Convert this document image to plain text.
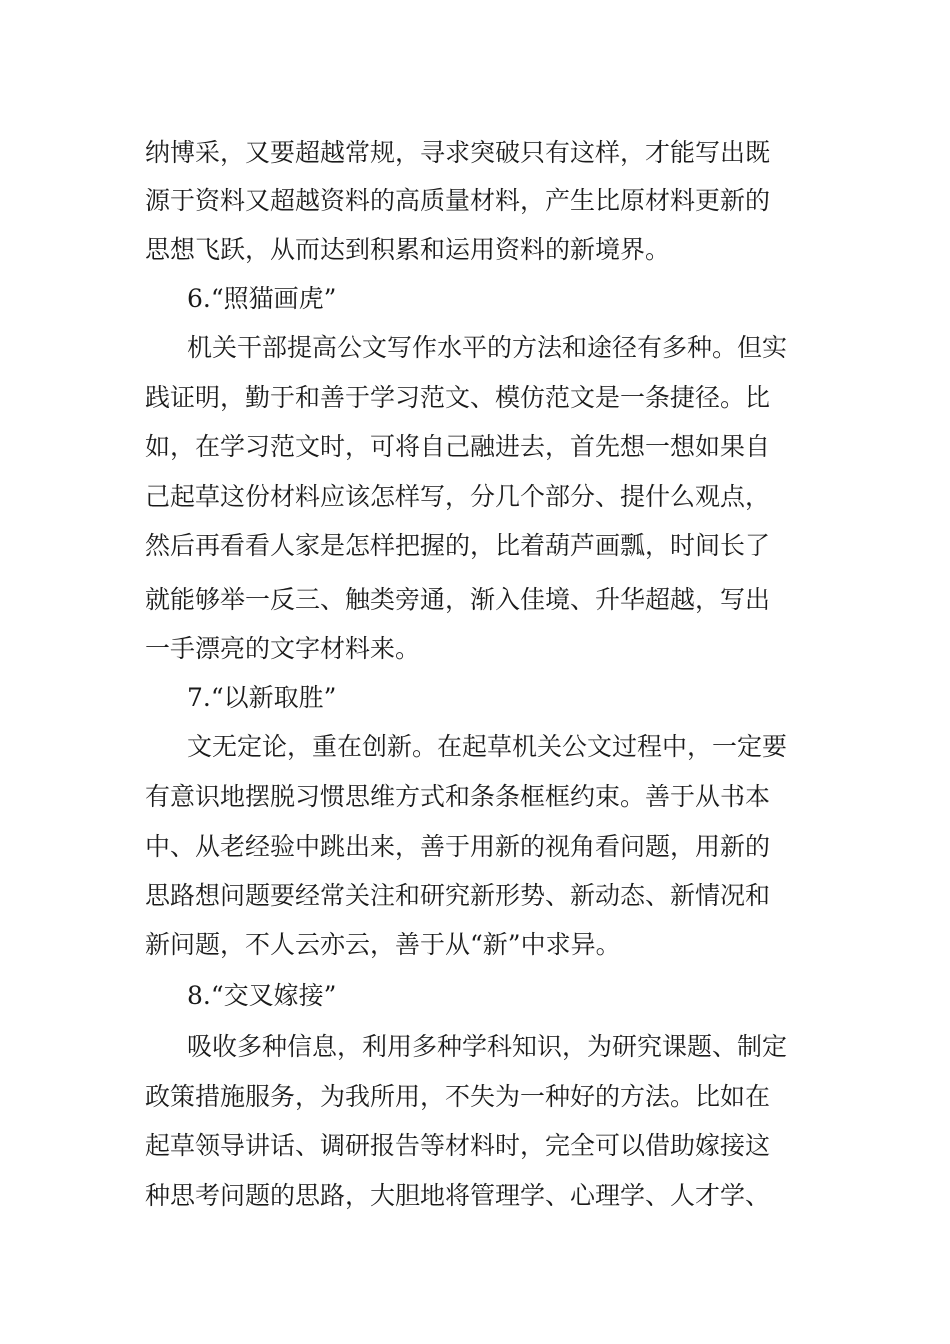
纳博采，又要超越常规，寻求突破只有这样，才能写出既
源于资料又超越资料的高质量材料，产生比原材料更新的
思想飞跃，从而达到积累和运用资料的新境界。
6.“照猫画虎”
机关干部提高公文写作水平的方法和途径有多种。但实
践证明，勤于和善于学习范文、模仿范文是一条捷径。比
如，在学习范文时，可将自己融进去，首先想一想如果自
己起草这份材料应该怎样写，分几个部分、提什么观点，
然后再看看人家是怎样把握的，比着葫芦画瓢，时间长了
就能够举一反三、触类旁通，渐入佳境、升华超越，写出
一手漂亮的文字材料来。
7.“以新取胜”
文无定论，重在创新。在起草机关公文过程中，一定要
有意识地摆脱习惯思维方式和条条框框约束。善于从书本
中、从老经验中跳出来，善于用新的视角看问题，用新的
思路想问题要经常关注和研究新形势、新动态、新情况和
新问题，不人云亦云，善于从“新”中求异。
8.“交叉嫁接”
吸收多种信息，利用多种学科知识，为研究课题、制定
政策措施服务，为我所用，不失为一种好的方法。比如在
起草领导讲话、调研报告等材料时，完全可以借助嫁接这
种思考问题的思路，大胆地将管理学、心理学、人才学、
